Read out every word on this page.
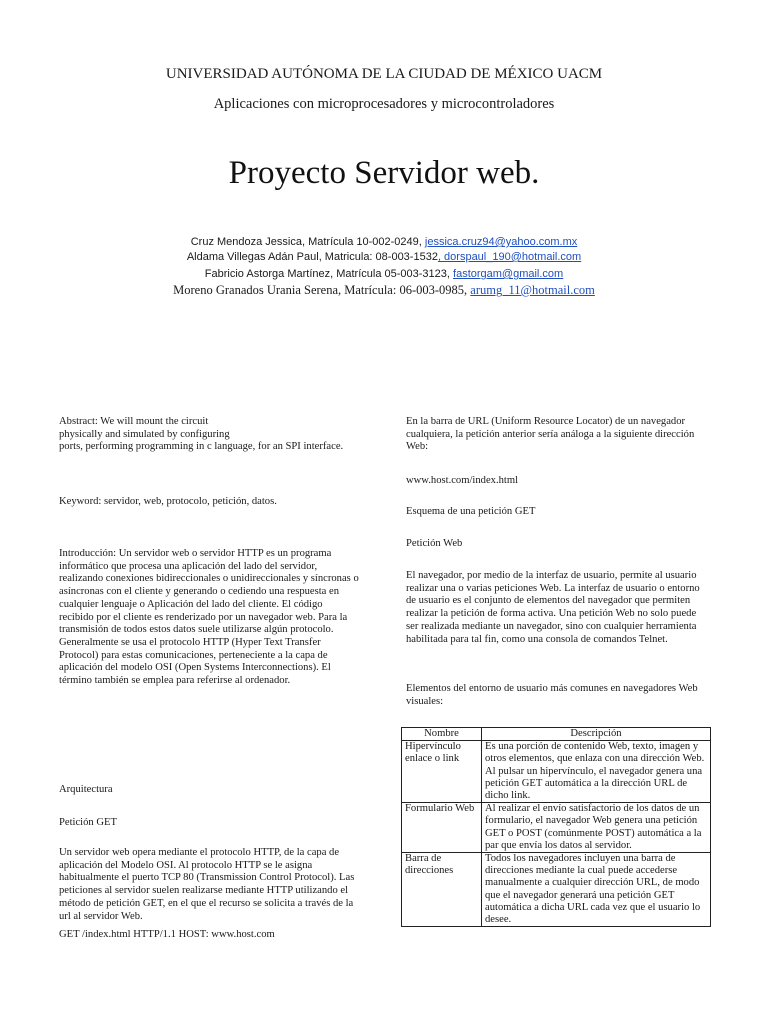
UNIVERSIDAD AUTÓNOMA DE LA CIUDAD DE MÉXICO UACM
Aplicaciones con microprocesadores y microcontroladores
Proyecto Servidor web.
Cruz Mendoza Jessica, Matrícula 10-002-0249, jessica.cruz94@yahoo.com.mx
Aldama Villegas Adán Paul, Matricula: 08-003-1532, dorspaul_190@hotmail.com
Fabricio Astorga Martínez, Matrícula 05-003-3123, fastorgam@gmail.com
Moreno Granados Urania Serena, Matrícula: 06-003-0985, arumg_11@hotmail.com
Abstract: We will mount the circuit
physically and simulated by configuring
ports, performing programming in c language, for an SPI interface.
Keyword: servidor, web, protocolo, petición, datos.
Introducción: Un servidor web o servidor HTTP es un programa informático que procesa una aplicación del lado del servidor, realizando conexiones bidireccionales o unidireccionales y síncronas o asíncronas con el cliente y generando o cediendo una respuesta en cualquier lenguaje o Aplicación del lado del cliente. El código recibido por el cliente es renderizado por un navegador web. Para la transmisión de todos estos datos suele utilizarse algún protocolo. Generalmente se usa el protocolo HTTP (Hyper Text Transfer Protocol) para estas comunicaciones, perteneciente a la capa de aplicación del modelo OSI (Open Systems Interconnections). El término también se emplea para referirse al ordenador.
Arquitectura
Petición GET
Un servidor web opera mediante el protocolo HTTP, de la capa de aplicación del Modelo OSI. Al protocolo HTTP se le asigna habitualmente el puerto TCP 80 (Transmission Control Protocol). Las peticiones al servidor suelen realizarse mediante HTTP utilizando el método de petición GET, en el que el recurso se solicita a través de la url al servidor Web.
GET /index.html HTTP/1.1 HOST: www.host.com
En la barra de URL (Uniform Resource Locator) de un navegador cualquiera, la petición anterior sería análoga a la siguiente dirección Web:
www.host.com/index.html
Esquema de una petición GET
Petición Web
El navegador, por medio de la interfaz de usuario, permite al usuario realizar una o varias peticiones Web. La interfaz de usuario o entorno de usuario es el conjunto de elementos del navegador que permiten realizar la petición de forma activa. Una petición Web no solo puede ser realizada mediante un navegador, sino con cualquier herramienta habilitada para tal fin, como una consola de comandos Telnet.
Elementos del entorno de usuario más comunes en navegadores Web visuales:
Nombre	Descripción
Hipervínculo enlace o link	Es una porción de contenido Web, texto, imagen y otros elementos, que enlaza con una dirección Web. Al pulsar un hipervínculo, el navegador genera una petición GET automática a la dirección URL de dicho link.
Formulario Web	Al realizar el envío satisfactorio de los datos de un formulario, el navegador Web genera una petición GET o POST (comúnmente POST) automática a la par que envía los datos al servidor.
Barra de direcciones	Todos los navegadores incluyen una barra de direcciones mediante la cual puede accederse manualmente a cualquier dirección URL, de modo que el navegador generará una petición GET automática a dicha URL cada vez que el usuario lo desee.
